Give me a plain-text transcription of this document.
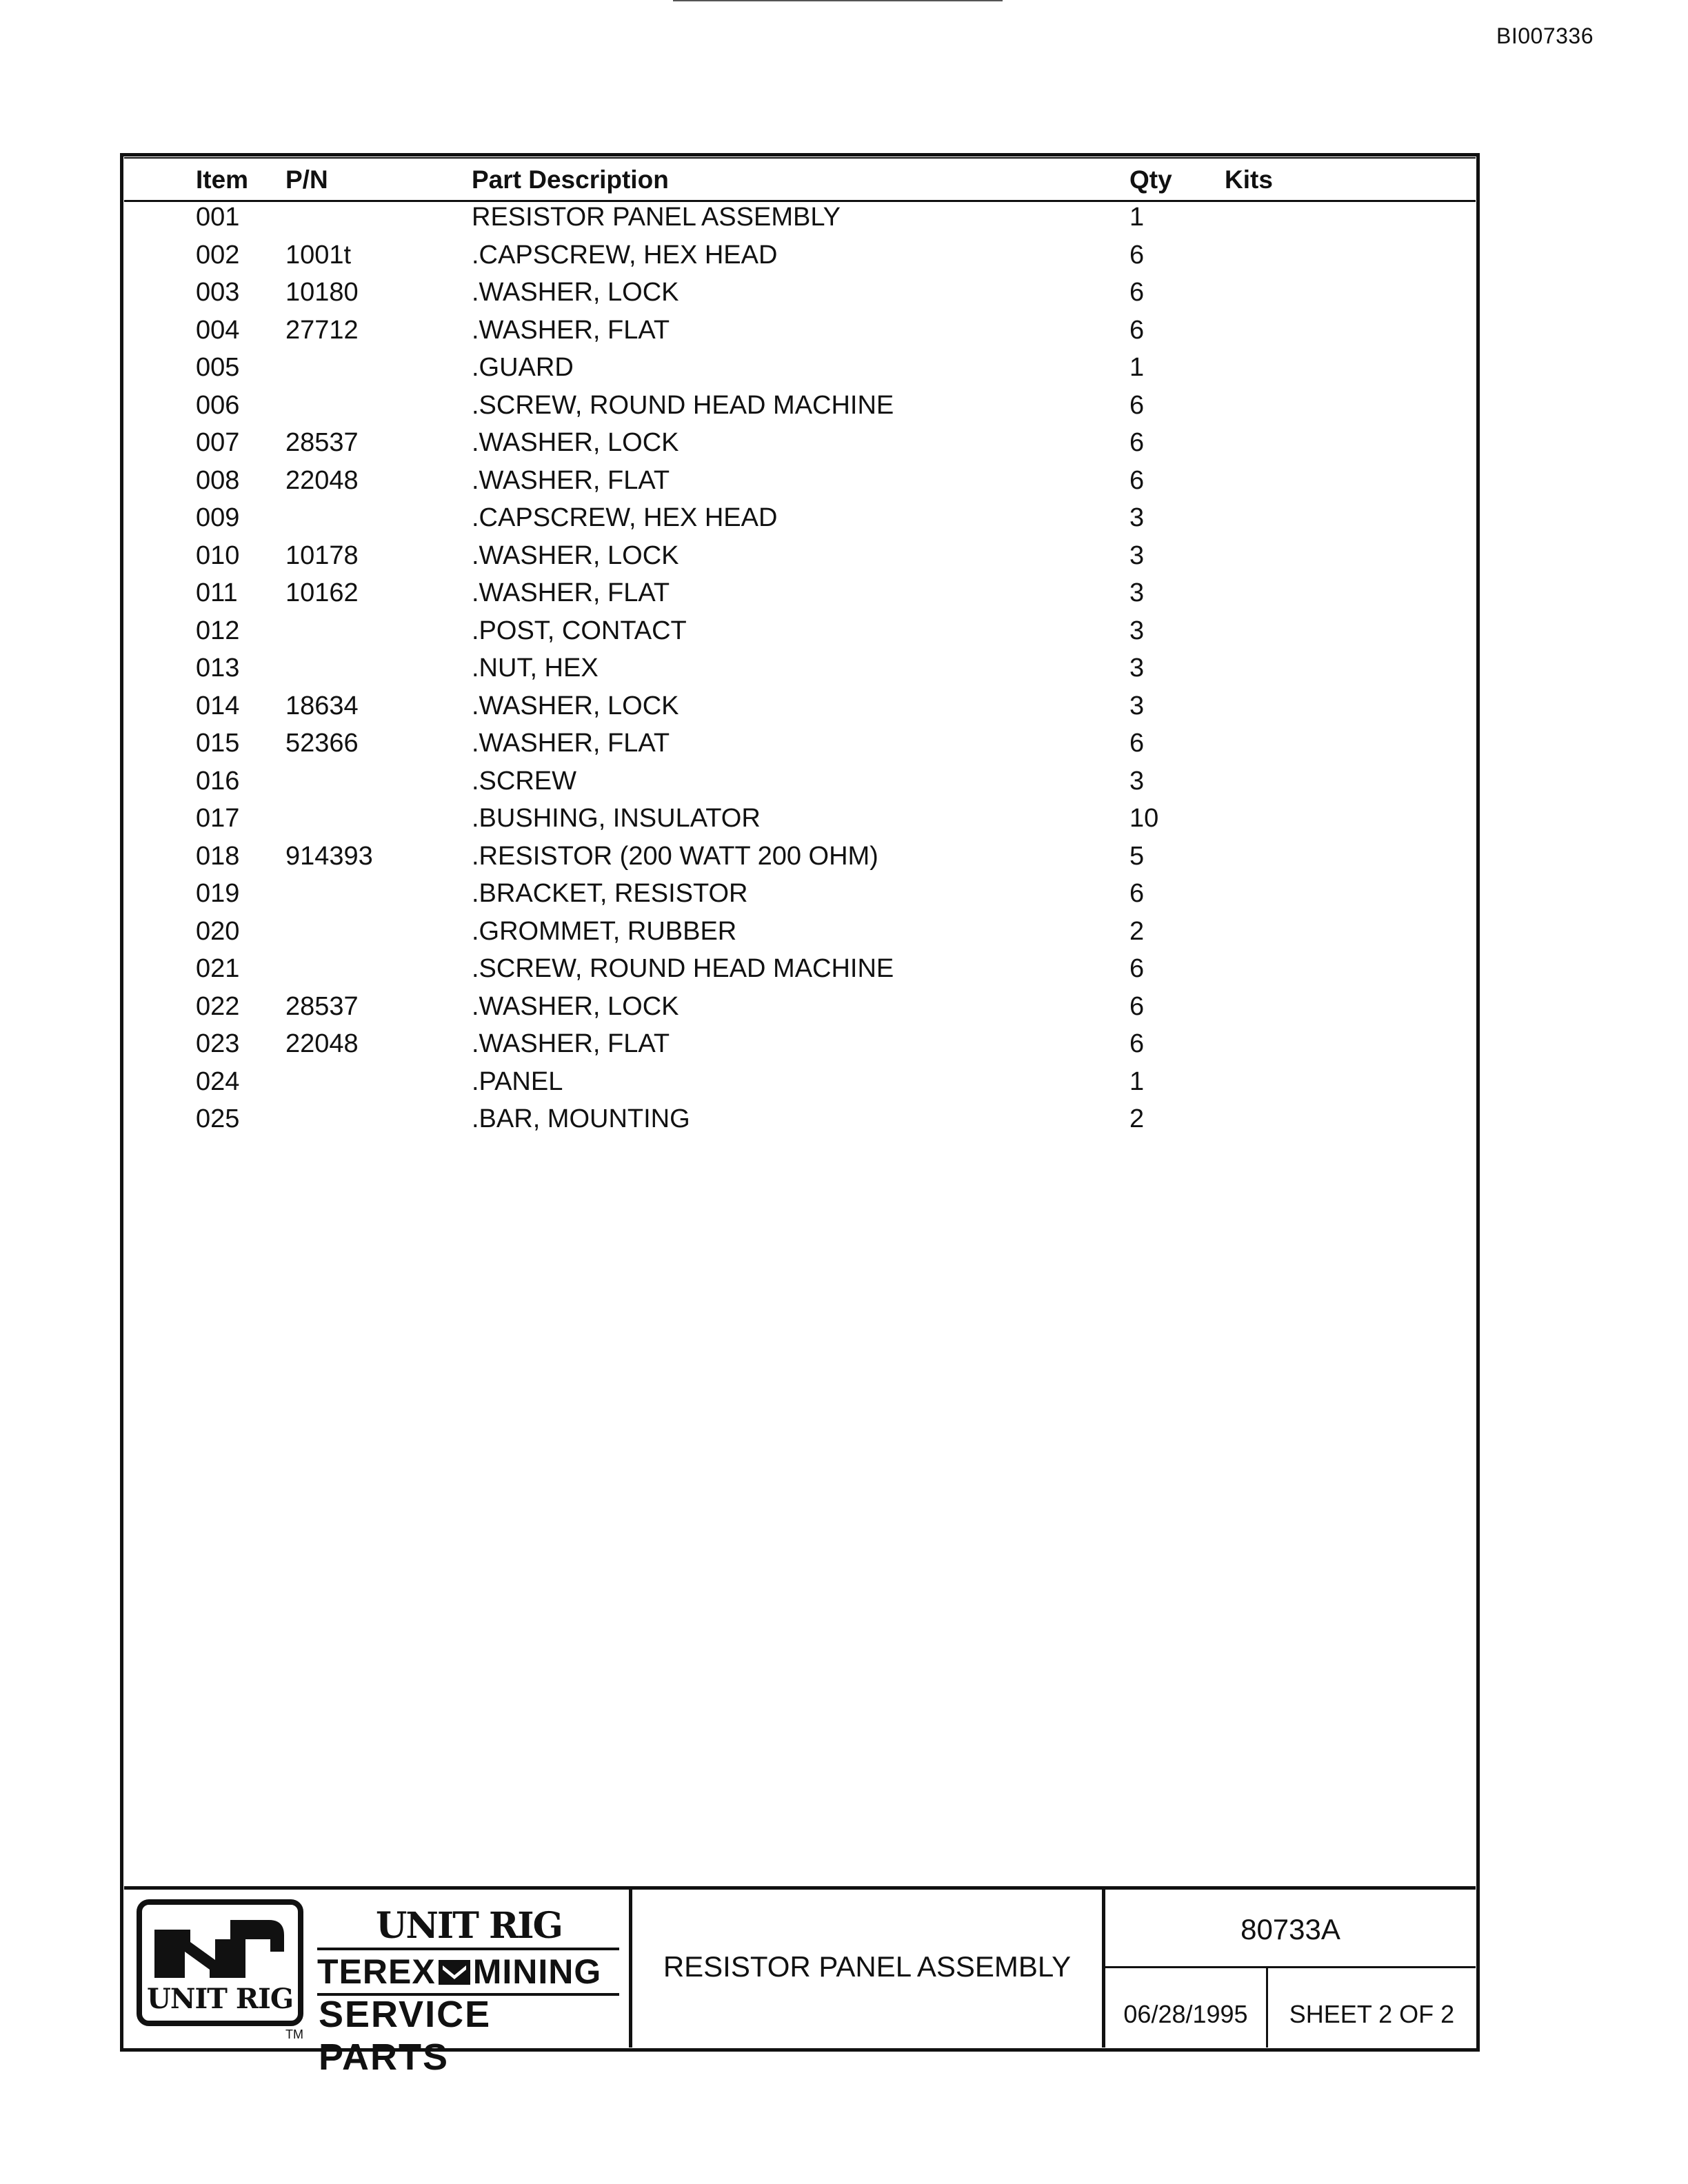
BI007336
Item P/N	Part Description	Qty Kits
001	RESISTOR PANEL ASSEMBLY	1
002 1001t	.CAPSCREW, HEX HEAD	6
003 10180	.WASHER, LOCK	6
004 27712	.WASHER, FLAT	6
005	.GUARD	1
006	.SCREW, ROUND HEAD MACHINE	6
007 28537	.WASHER, LOCK	6
008 22048	.WASHER, FLAT	6
009	.CAPSCREW, HEX HEAD	3
010 10178	.WASHER, LOCK	3
011 10162	.WASHER, FLAT	3
012	.POST, CONTACT	3
013	.NUT, HEX	3
014 18634	.WASHER, LOCK	3
015 52366	.WASHER, FLAT	6
016	.SCREW	3
017	.BUSHING, INSULATOR	10
018 914393	.RESISTOR (200 WATT 200 OHM)	5
019	.BRACKET, RESISTOR	6
020	.GROMMET, RUBBER	2
021	.SCREW, ROUND HEAD MACHINE	6
022 28537	.WASHER, LOCK	6
023 22048	.WASHER, FLAT	6
024	.PANEL	1
025	.BAR, MOUNTING	2
UNIT RIG
TM
UNIT RIG
TEREX MINING
SERVICE PARTS
RESISTOR PANEL ASSEMBLY
80733A
06/28/1995	SHEET 2 OF 2
